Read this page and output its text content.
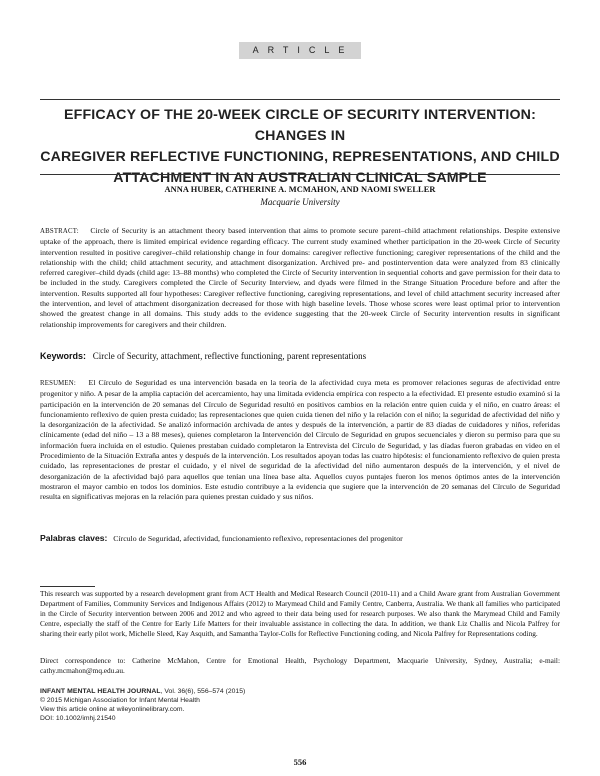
ARTICLE
EFFICACY OF THE 20-WEEK CIRCLE OF SECURITY INTERVENTION: CHANGES IN
CAREGIVER REFLECTIVE FUNCTIONING, REPRESENTATIONS, AND CHILD
ATTACHMENT IN AN AUSTRALIAN CLINICAL SAMPLE
ANNA HUBER, CATHERINE A. MCMAHON, AND NAOMI SWELLER
Macquarie University
ABSTRACT: Circle of Security is an attachment theory based intervention that aims to promote secure parent–child attachment relationships. Despite extensive uptake of the approach, there is limited empirical evidence regarding efficacy. The current study examined whether participation in the 20-week Circle of Security intervention resulted in positive caregiver–child relationship change in four domains: caregiver reflective functioning; caregiver representations of the child and the relationship with the child; child attachment security, and attachment disorganization. Archived pre- and postintervention data were analyzed from 83 clinically referred caregiver–child dyads (child age: 13–88 months) who completed the Circle of Security intervention in sequential cohorts and gave permission for their data to be included in the study. Caregivers completed the Circle of Security Interview, and dyads were filmed in the Strange Situation Procedure before and after the intervention. Results supported all four hypotheses: Caregiver reflective functioning, caregiving representations, and level of child attachment security increased after the intervention, and level of attachment disorganization decreased for those with high baseline levels. Those whose scores were least optimal prior to intervention showed the greatest change in all domains. This study adds to the evidence suggesting that the 20-week Circle of Security intervention results in significant relationship improvements for caregivers and their children.
Keywords: Circle of Security, attachment, reflective functioning, parent representations
RESUMEN: El Círculo de Seguridad es una intervención basada en la teoría de la afectividad cuya meta es promover relaciones seguras de afectividad entre progenitor y niño. A pesar de la amplia captación del acercamiento, hay una limitada evidencia empírica con respecto a la efectividad. El presente estudio examinó si la participación en la intervención de 20 semanas del Círculo de Seguridad resultó en positivos cambios en la relación entre quien cuida y el niño, en cuatro áreas: el funcionamiento reflexivo de quien presta cuidado; las representaciones que quien cuida tienen del niño y la relación con el niño; la seguridad de afectividad del niño y la desorganización de la afectividad. Se analizó información archivada de antes y después de la intervención, a partir de 83 díadas de cuidadores y niños, referidas clínicamente (edad del niño – 13 a 88 meses), quienes completaron la Intervención del Círculo de Seguridad en grupos secuenciales y dieron su permiso para que su información fuera incluida en el estudio. Quienes prestaban cuidado completaron la Entrevista del Círculo de Seguridad, y las díadas fueron grabadas en video en el Procedimiento de la Situación Extraña antes y después de la intervención. Los resultados apoyan todas las cuatro hipótesis: el funcionamiento reflexivo de quien presta cuidado, las representaciones de prestar el cuidado, y el nivel de seguridad de la afectividad del niño aumentaron después de la intervención, y el nivel de desorganización de la afectividad bajó para aquellos que tenían una línea base alta. Aquellos cuyos puntajes fueron los menos óptimos antes de la intervención mostraron el mayor cambio en todos los dominios. Este estudio contribuye a la evidencia que sugiere que la intervención de 20 semanas del Círculo de Seguridad resulta en significativas mejoras en la relación para quienes prestan cuidado y sus niños.
Palabras claves: Círculo de Seguridad, afectividad, funcionamiento reflexivo, representaciones del progenitor
This research was supported by a research development grant from ACT Health and Medical Research Council (2010-11) and a Child Aware grant from Australian Government Department of Families, Community Services and Indigenous Affairs (2012) to Marymead Child and Family Centre, Canberra, Australia. We thank all families who participated in the Circle of Security intervention between 2006 and 2012 and who agreed to their data being used for research purposes. We also thank the Marymead Child and Family Centre, especially the staff of the Centre for Early Life Matters for their invaluable assistance in collecting the data. In addition, we thank Liz Challis and Nicola Palfrey for sharing their early pilot work, Michelle Sleed, Kay Asquith, and Samantha Taylor-Colls for Reflective Functioning coding, and Nicola Palfrey for Representations coding.
Direct correspondence to: Catherine McMahon, Centre for Emotional Health, Psychology Department, Macquarie University, Sydney, Australia; e-mail: cathy.mcmahon@mq.edu.au.
INFANT MENTAL HEALTH JOURNAL, Vol. 36(6), 556–574 (2015)
© 2015 Michigan Association for Infant Mental Health
View this article online at wileyonlinelibrary.com.
DOI: 10.1002/imhj.21540
556
